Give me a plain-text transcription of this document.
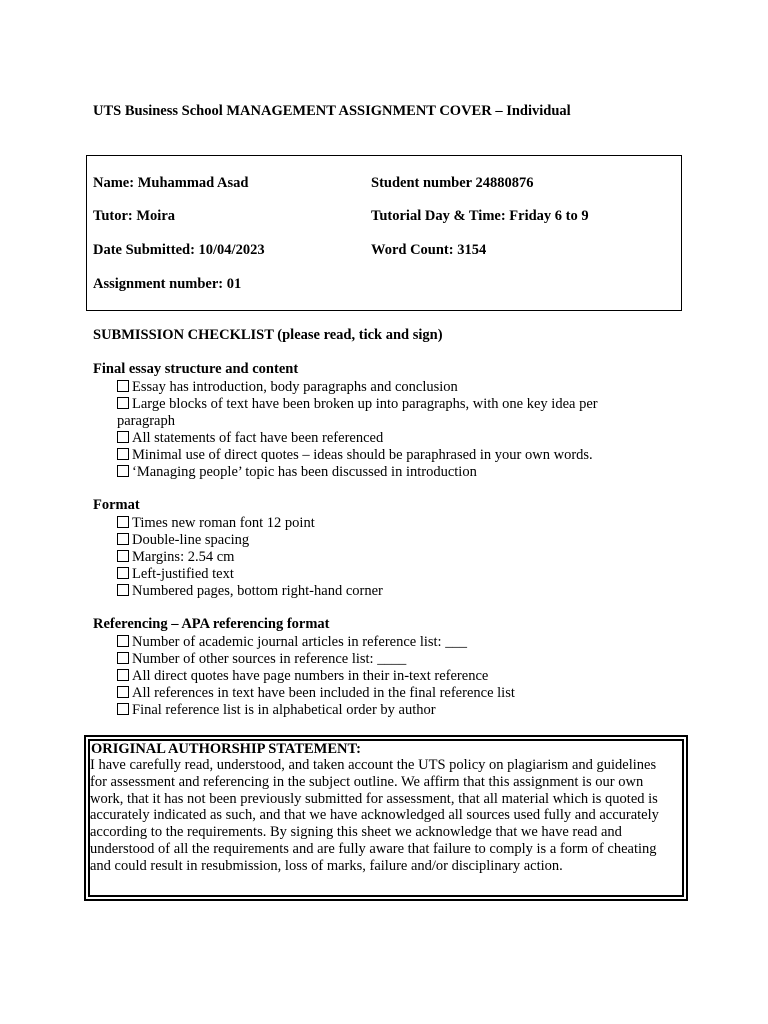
UTS Business School MANAGEMENT ASSIGNMENT COVER – Individual
Name: Muhammad Asad	Student number 24880876
Tutor: Moira	Tutorial Day & Time: Friday 6 to 9
Date Submitted: 10/04/2023	Word Count: 3154
Assignment number: 01
SUBMISSION CHECKLIST (please read, tick and sign)
Final essay structure and content
Essay has introduction, body paragraphs and conclusion
Large blocks of text have been broken up into paragraphs, with one key idea per paragraph
All statements of fact have been referenced
Minimal use of direct quotes – ideas should be paraphrased in your own words.
‘Managing people’ topic has been discussed in introduction
Format
Times new roman font 12 point
Double-line spacing
Margins: 2.54 cm
Left-justified text
Numbered pages, bottom right-hand corner
Referencing – APA referencing format
Number of academic journal articles in reference list: ___
Number of other sources in reference list: ____
All direct quotes have page numbers in their in-text reference
All references in text have been included in the final reference list
Final reference list is in alphabetical order by author
ORIGINAL AUTHORSHIP STATEMENT:
I have carefully read, understood, and taken account the UTS policy on plagiarism and guidelines for assessment and referencing in the subject outline. We affirm that this assignment is our own work, that it has not been previously submitted for assessment, that all material which is quoted is accurately indicated as such, and that we have acknowledged all sources used fully and accurately according to the requirements. By signing this sheet we acknowledge that we have read and understood of all the requirements and are fully aware that failure to comply is a form of cheating and could result in resubmission, loss of marks, failure and/or disciplinary action.
